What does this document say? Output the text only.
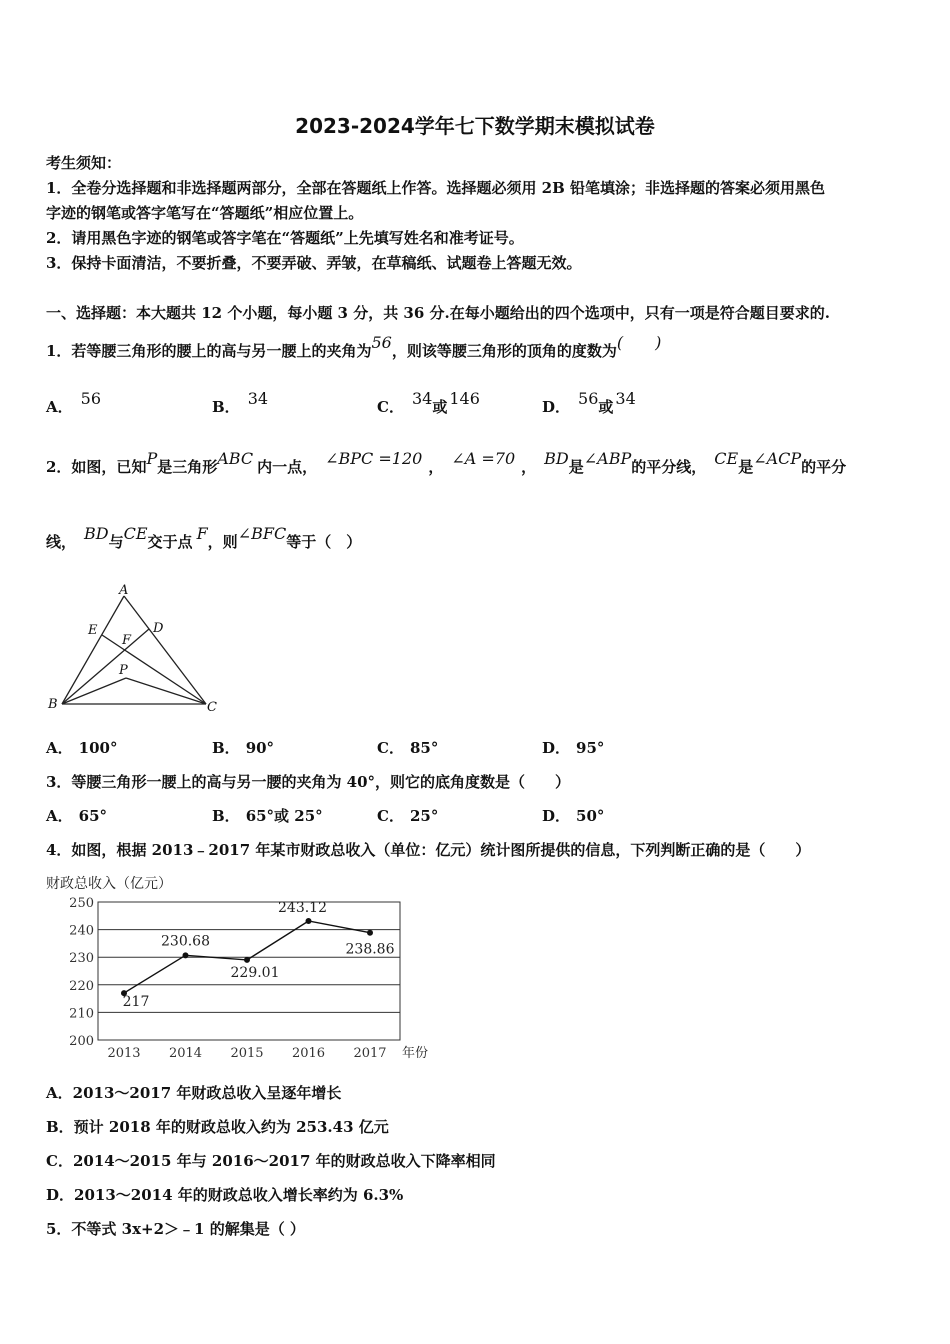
2023-2024学年七下数学期末模拟试卷
考生须知：
1．全卷分选择题和非选择题两部分，全部在答题纸上作答。选择题必须用 2B 铅笔填涂；非选择题的答案必须用黑色
字迹的钢笔或答字笔写在“答题纸”相应位置上。
2．请用黑色字迹的钢笔或答字笔在“答题纸”上先填写姓名和准考证号。
3．保持卡面清洁，不要折叠，不要弄破、弄皱，在草稿纸、试题卷上答题无效。
一、选择题：本大题共 12 个小题，每小题 3 分，共 36 分.在每小题给出的四个选项中，只有一项是符合题目要求的.
1．若等腰三角形的腰上的高与另一腰上的夹角为56，则该等腰三角形的顶角的度数为(　　)
A． 56	B． 34	C． 34或 146	D． 56或 34
2．如图，已知P是三角形ABC 内一点， ∠BPC =120 ， ∠A =70 ， BD是∠ABP的平分线， CE是∠ACP的平分
线， BD与CE交于点 F，则∠BFC等于（　）
A
E	D
F
P
B	C
A． 100°	B． 90°	C． 85°	D． 95°
3．等腰三角形一腰上的高与另一腰的夹角为 40°，则它的底角度数是（　　）
A． 65°	B． 65°或 25°	C． 25°	D． 50°
4．如图，根据 2013﹣2017 年某市财政总收入（单位：亿元）统计图所提供的信息，下列判断正确的是（　　）
财政总收入（亿元）
年份
200
210
220
230
240
250
2013 2014 2015 2016 2017
217
230.68
229.01
243.12
238.86
A．2013～2017 年财政总收入呈逐年增长
B．预计 2018 年的财政总收入约为 253.43 亿元
C．2014～2015 年与 2016～2017 年的财政总收入下降率相同
D．2013～2014 年的财政总收入增长率约为 6.3%
5．不等式 3x+2＞﹣1 的解集是（ ）
